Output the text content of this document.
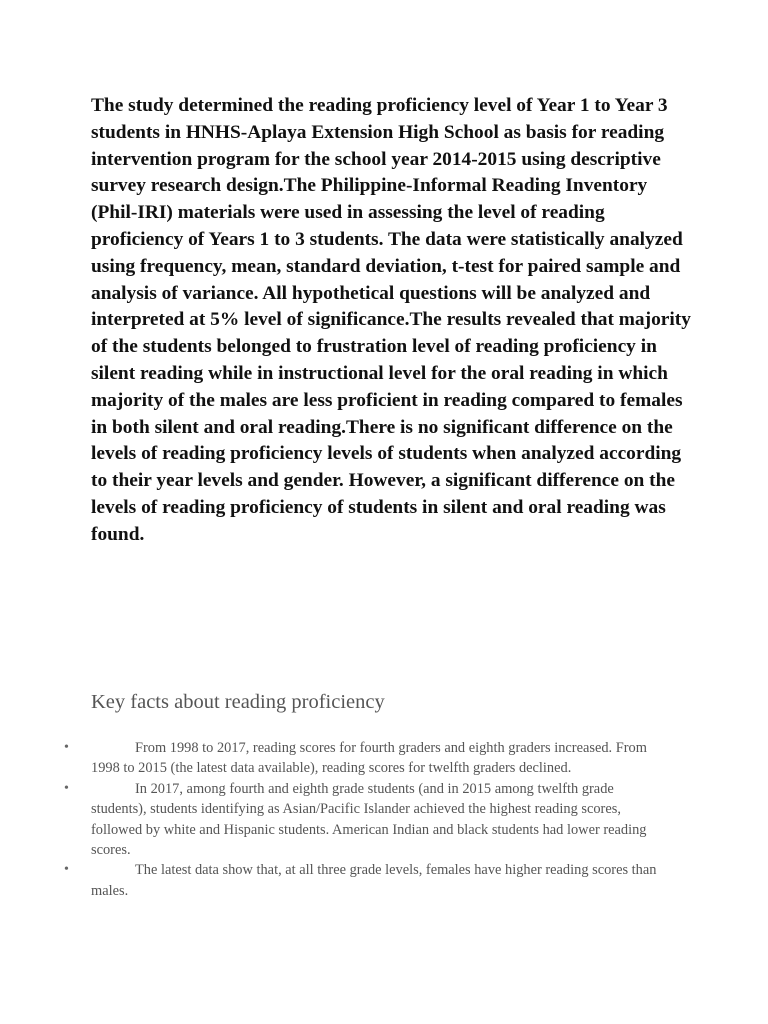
The study determined the reading proficiency level of Year 1 to Year 3 students in HNHS-Aplaya Extension High School as basis for reading intervention program for the school year 2014-2015 using descriptive survey research design.The Philippine-Informal Reading Inventory (Phil-IRI) materials were used in assessing the level of reading proficiency of Years 1 to 3 students. The data were statistically analyzed using frequency, mean, standard deviation, t-test for paired sample and analysis of variance. All hypothetical questions will be analyzed and interpreted at 5% level of significance.The results revealed that majority of the students belonged to frustration level of reading proficiency in silent reading while in instructional level for the oral reading in which majority of the males are less proficient in reading compared to females in both silent and oral reading.There is no significant difference on the levels of reading proficiency levels of students when analyzed according to their year levels and gender. However, a significant difference on the levels of reading proficiency of students in silent and oral reading was found.

Key facts about reading proficiency
•	From 1998 to 2017, reading scores for fourth graders and eighth graders increased. From 1998 to 2015 (the latest data available), reading scores for twelfth graders declined.
•	In 2017, among fourth and eighth grade students (and in 2015 among twelfth grade students), students identifying as Asian/Pacific Islander achieved the highest reading scores, followed by white and Hispanic students. American Indian and black students had lower reading scores.
•	The latest data show that, at all three grade levels, females have higher reading scores than males.
